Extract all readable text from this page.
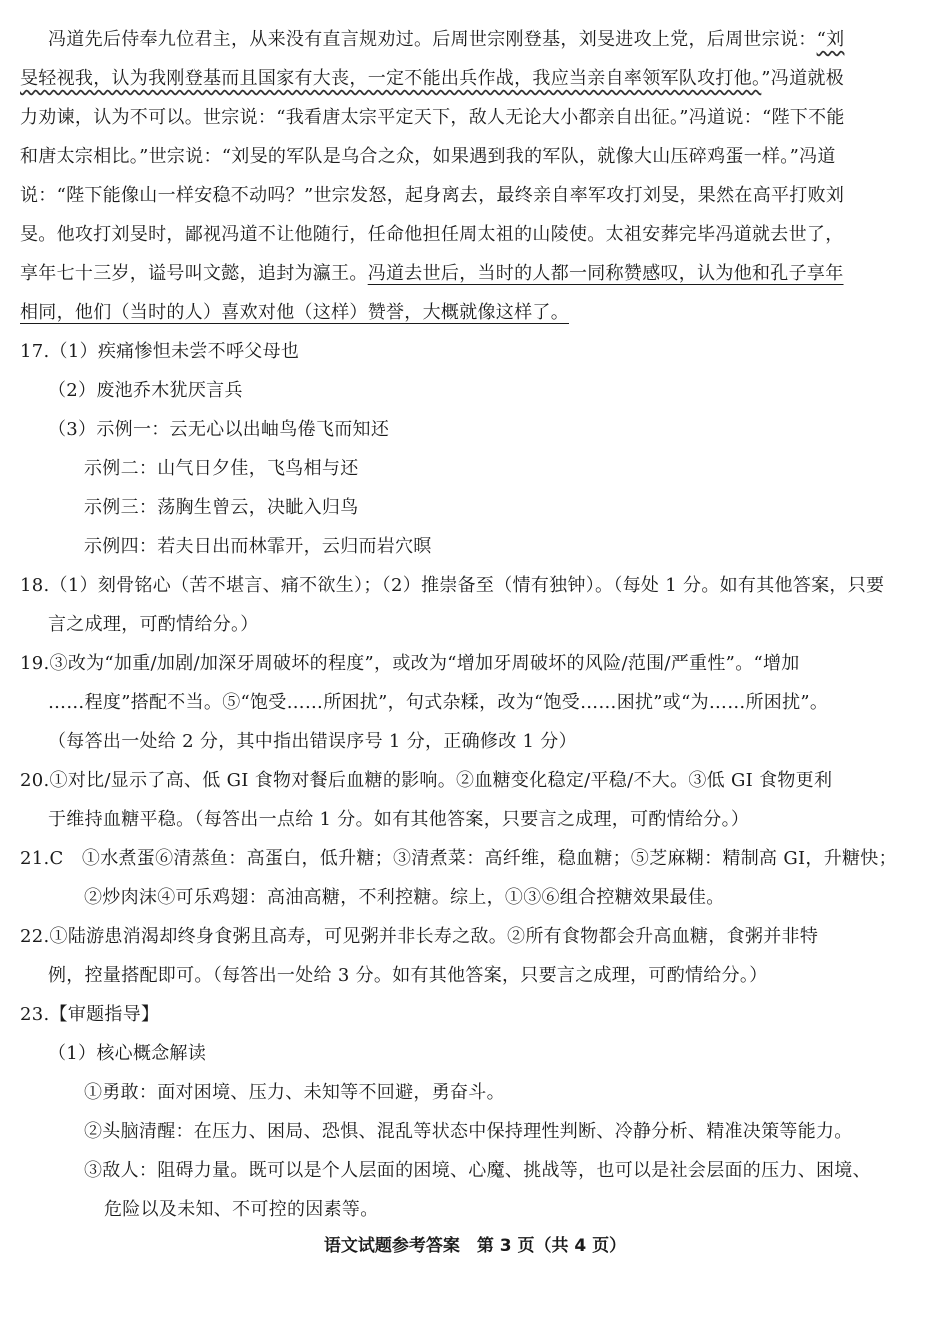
冯道先后侍奉九位君主，从来没有直言规劝过。后周世宗刚登基，刘旻进攻上党，后周世宗说：“刘
旻轻视我，认为我刚登基而且国家有大丧，一定不能出兵作战，我应当亲自率领军队攻打他。”冯道就极
力劝谏，认为不可以。世宗说：“我看唐太宗平定天下，敌人无论大小都亲自出征。”冯道说：“陛下不能
和唐太宗相比。”世宗说：“刘旻的军队是乌合之众，如果遇到我的军队，就像大山压碎鸡蛋一样。”冯道
说：“陛下能像山一样安稳不动吗？”世宗发怒，起身离去，最终亲自率军攻打刘旻，果然在高平打败刘
旻。他攻打刘旻时，鄙视冯道不让他随行，任命他担任周太祖的山陵使。太祖安葬完毕冯道就去世了，
享年七十三岁，谥号叫文懿，追封为瀛王。冯道去世后，当时的人都一同称赞感叹，认为他和孔子享年
相同，他们（当时的人）喜欢对他（这样）赞誉，大概就像这样了。
17.（1）疾痛惨怛未尝不呼父母也
（2）废池乔木犹厌言兵
（3）示例一：云无心以出岫鸟倦飞而知还
示例二：山气日夕佳，飞鸟相与还
示例三：荡胸生曾云，决眦入归鸟
示例四：若夫日出而林霏开，云归而岩穴暝
18.（1）刻骨铭心（苦不堪言、痛不欲生）；（2）推崇备至（情有独钟）。（每处 1 分。如有其他答案，只要
言之成理，可酌情给分。）
19.③改为“加重/加剧/加深牙周破坏的程度”，或改为“增加牙周破坏的风险/范围/严重性”。“增加
……程度”搭配不当。⑤“饱受……所困扰”，句式杂糅，改为“饱受……困扰”或“为……所困扰”。
（每答出一处给 2 分，其中指出错误序号 1 分，正确修改 1 分）
20.①对比/显示了高、低 GI 食物对餐后血糖的影响。②血糖变化稳定/平稳/不大。③低 GI 食物更利
于维持血糖平稳。（每答出一点给 1 分。如有其他答案，只要言之成理，可酌情给分。）
21.C　①水煮蛋⑥清蒸鱼：高蛋白，低升糖；③清煮菜：高纤维，稳血糖；⑤芝麻糊：精制高 GI，升糖快；
②炒肉沫④可乐鸡翅：高油高糖，不利控糖。综上，①③⑥组合控糖效果最佳。
22.①陆游患消渴却终身食粥且高寿，可见粥并非长寿之敌。②所有食物都会升高血糖，食粥并非特
例，控量搭配即可。（每答出一处给 3 分。如有其他答案，只要言之成理，可酌情给分。）
23.【审题指导】
（1）核心概念解读
①勇敢：面对困境、压力、未知等不回避，勇奋斗。
②头脑清醒：在压力、困局、恐惧、混乱等状态中保持理性判断、冷静分析、精准决策等能力。
③敌人：阻碍力量。既可以是个人层面的困境、心魔、挑战等，也可以是社会层面的压力、困境、
危险以及未知、不可控的因素等。
语文试题参考答案　第 3 页（共 4 页）
